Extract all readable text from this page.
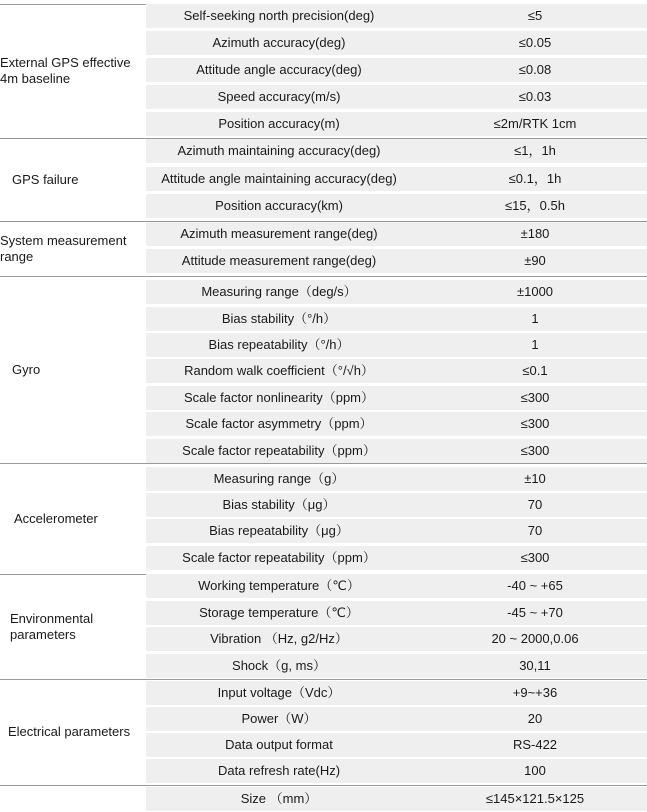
External GPS effective
4m baseline
Self-seeking north precision(deg)	≤5
Azimuth accuracy(deg)	≤0.05
Attitude angle accuracy(deg)	≤0.08
Speed accuracy(m/s)	≤0.03
Position accuracy(m)	≤2m/RTK 1cm
GPS failure
Azimuth maintaining accuracy(deg)	≤1，1h
Attitude angle maintaining accuracy(deg)	≤0.1，1h
Position accuracy(km)	≤15，0.5h
System measurement
range
Azimuth measurement range(deg)	±180
Attitude measurement range(deg)	±90
Gyro
Measuring range（deg/s）	±1000
Bias stability（°/h）	1
Bias repeatability（°/h）	1
Random walk coefficient（°/√h）	≤0.1
Scale factor nonlinearity（ppm）	≤300
Scale factor asymmetry（ppm）	≤300
Scale factor repeatability（ppm）	≤300
Accelerometer
Measuring range（g）	±10
Bias stability（μg）	70
Bias repeatability（μg）	70
Scale factor repeatability（ppm）	≤300
Environmental
parameters
Working temperature（℃）	-40 ~ +65
Storage temperature（℃）	-45 ~ +70
Vibration （Hz, g2/Hz）	20 ~ 2000,0.06
Shock（g, ms）	30,11
Electrical parameters
Input voltage（Vdc）	+9~+36
Power（W）	20
Data output format	RS-422
Data refresh rate(Hz)	100
Size （mm）	≤145×121.5×125
